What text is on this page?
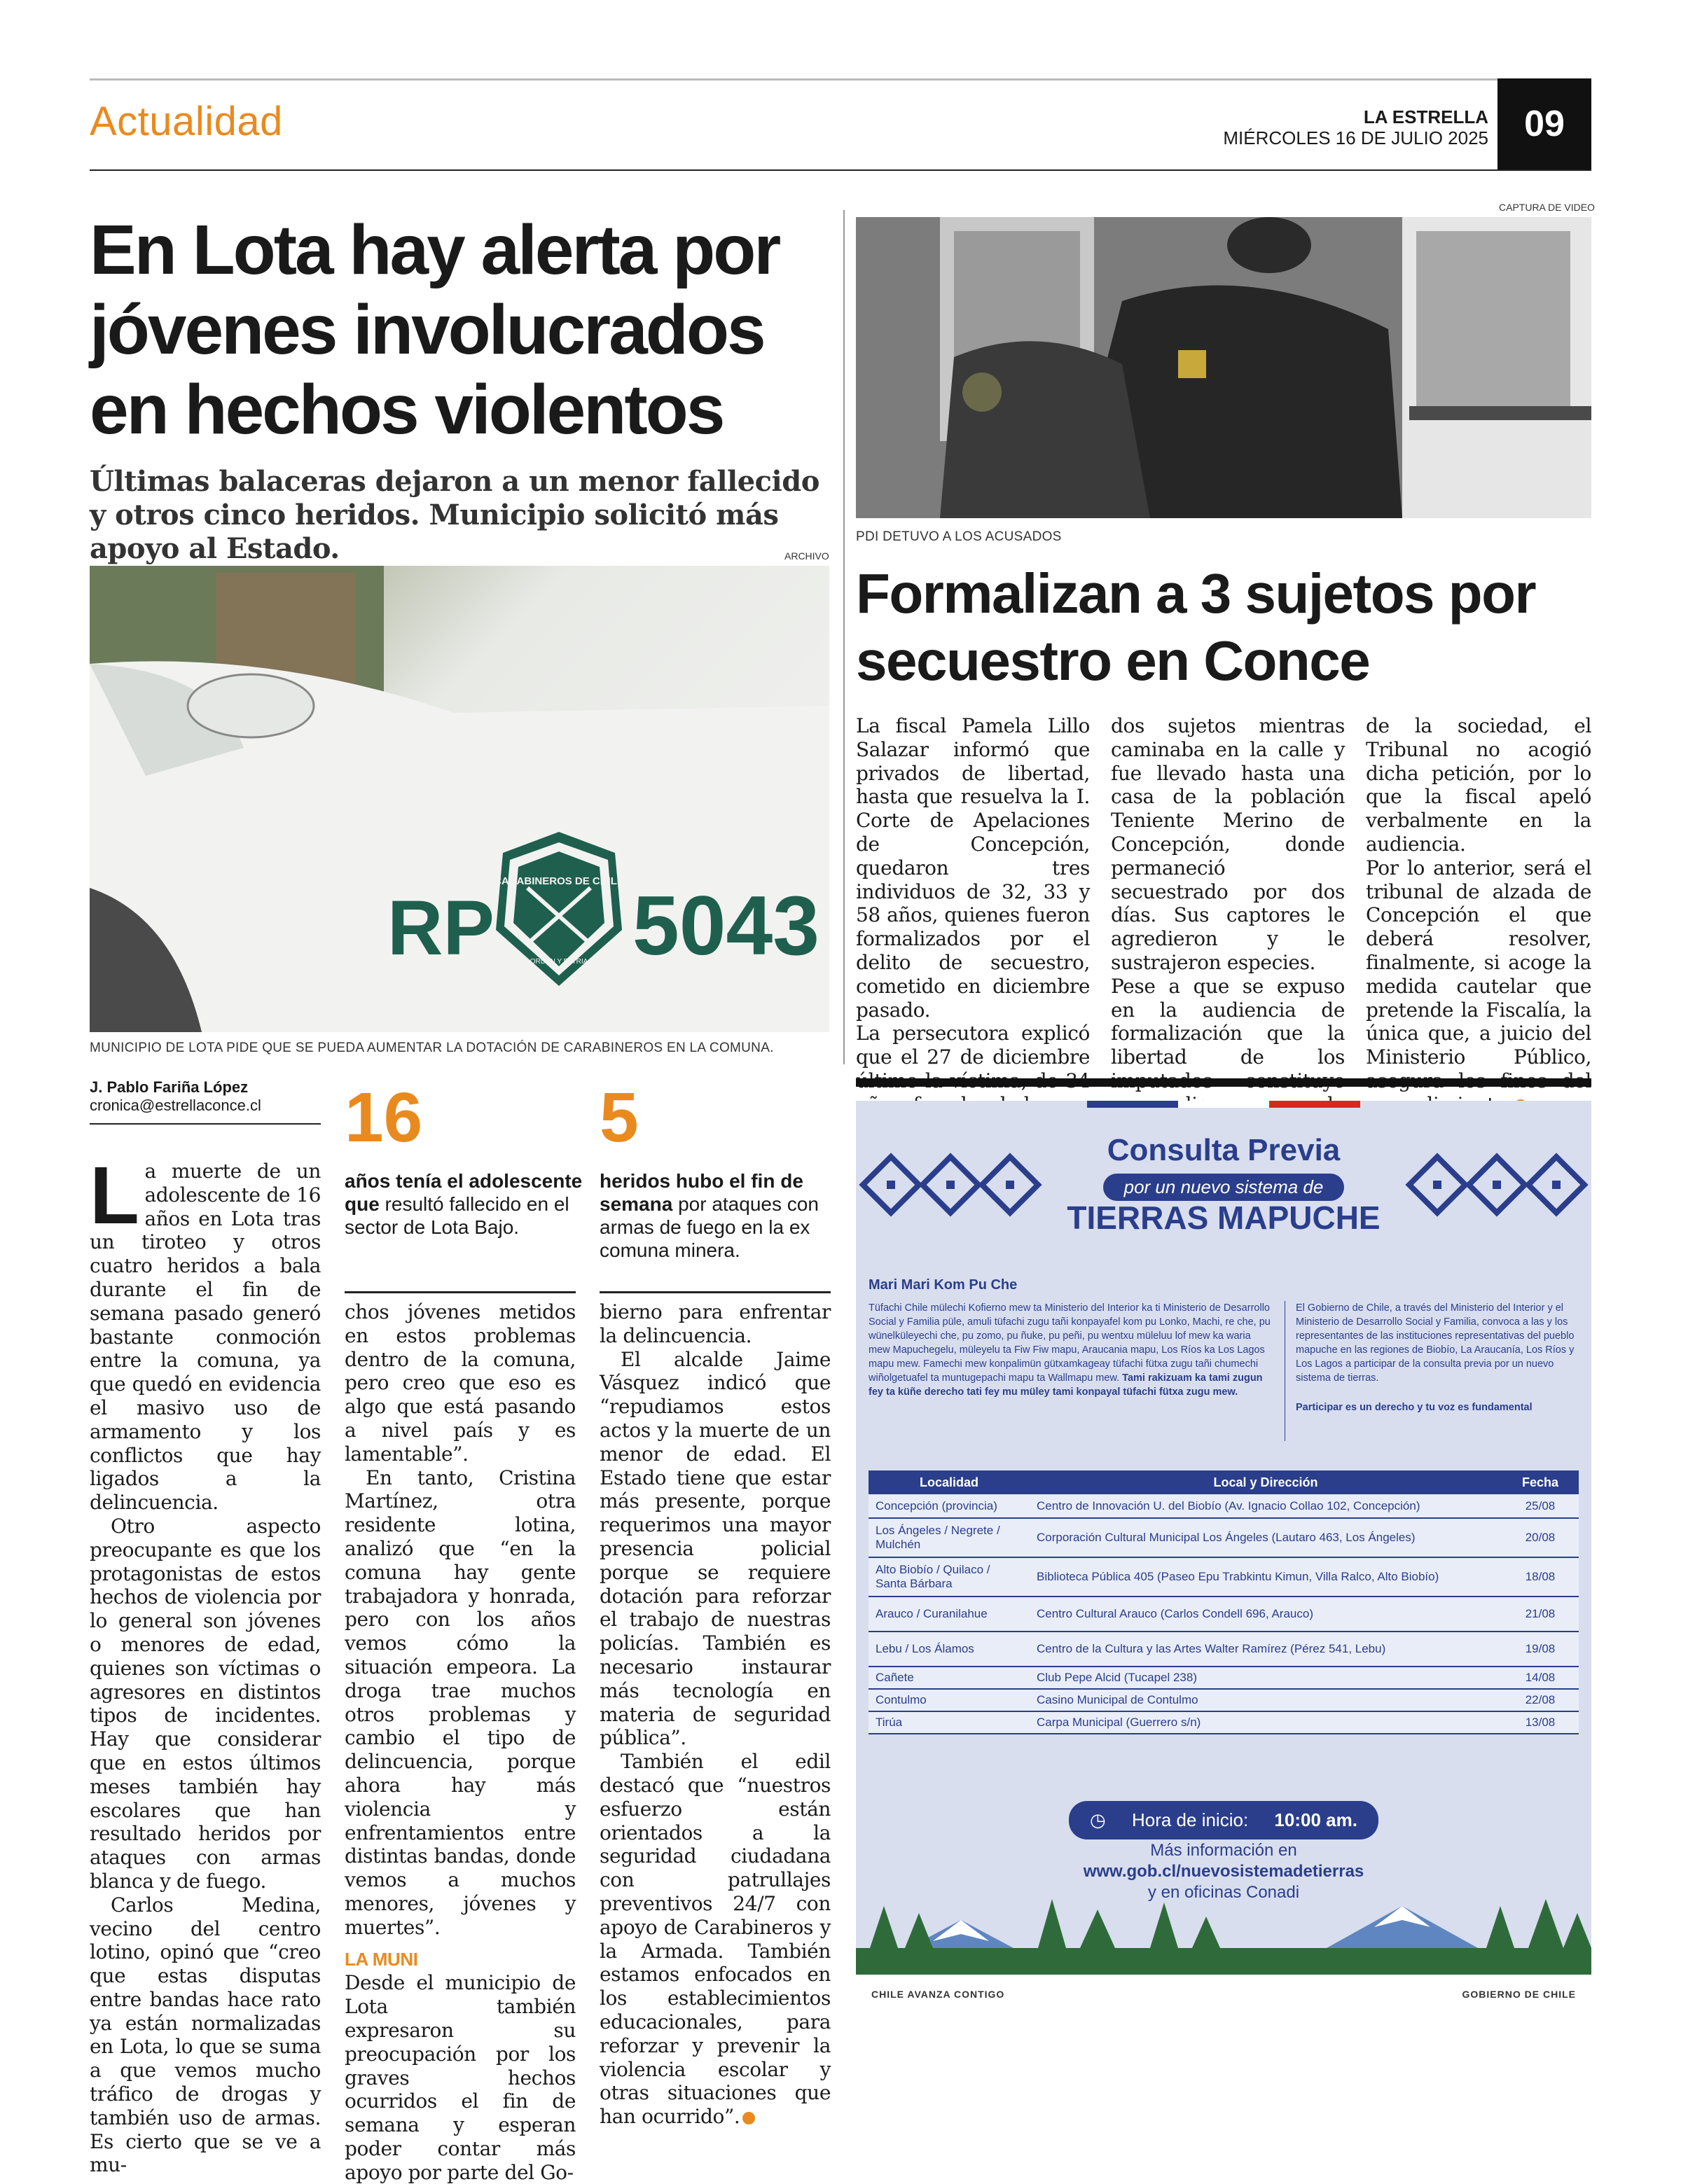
Actualidad	LA ESTRELLA
MIÉRCOLES 16 DE JULIO 2025 09
En Lota hay alerta por jóvenes involucrados en hechos violentos
Últimas balaceras dejaron a un menor fallecido y otros cinco heridos. Municipio solicitó más apoyo al Estado.	ARCHIVO
CARABINEROS DE CHILE
ORDEN Y PATRIA
RP 5043
MUNICIPIO DE LOTA PIDE QUE SE PUEDA AUMENTAR LA DOTACIÓN DE CARABINEROS EN LA COMUNA.
J. Pablo Fariña López
cronica@estrellaconce.cl

La muerte de un adolescente de 16 años en Lota tras un tiroteo y otros cuatro heridos a bala durante el fin de semana pasado generó bastante conmoción entre la comuna, ya que quedó en evidencia el masivo uso de armamento y los conflictos que hay ligados a la delincuencia.

Otro aspecto preocupante es que los protagonistas de estos hechos de violencia por lo general son jóvenes o menores de edad, quienes son víctimas o agresores en distintos tipos de incidentes. Hay que considerar que en estos últimos meses también hay escolares que han resultado heridos por ataques con armas blanca y de fuego.

Carlos Medina, vecino del centro lotino, opinó que “creo que estas disputas entre bandas hace rato ya están normalizadas en Lota, lo que se suma a que vemos mucho tráfico de drogas y también uso de armas. Es cierto que se ve a mu-

16
años tenía el adolescente que resultó fallecido en el sector de Lota Bajo.
5
heridos hubo el fin de semana por ataques con armas de fuego en la ex comuna minera.

chos jóvenes metidos en estos problemas dentro de la comuna, pero creo que eso es algo que está pasando a nivel país y es lamentable”.

En tanto, Cristina Martínez, otra residente lotina, analizó que “en la comuna hay gente trabajadora y honrada, pero con los años vemos cómo la situación empeora. La droga trae muchos otros problemas y cambio el tipo de delincuencia, porque ahora hay más violencia y enfrentamientos entre distintas bandas, donde vemos a muchos menores, jóvenes y muertes”.

LA MUNI

Desde el municipio de Lota también expresaron su preocupación por los graves hechos ocurridos el fin de semana y esperan poder contar más apoyo por parte del Go-

bierno para enfrentar la delincuencia.

El alcalde Jaime Vásquez indicó que “repudiamos estos actos y la muerte de un menor de edad. El Estado tiene que estar más presente, porque requerimos una mayor presencia policial porque se requiere dotación para reforzar el trabajo de nuestras policías. También es necesario instaurar más tecnología en materia de seguridad pública”.

También el edil destacó que “nuestros esfuerzo están orientados a la seguridad ciudadana con patrullajes preventivos 24/7 con apoyo de Carabineros y la Armada. También estamos enfocados en los establecimientos educacionales, para reforzar y prevenir la violencia escolar y otras situaciones que han ocurrido”.

CAPTURA DE VIDEO
PDI DETUVO A LOS ACUSADOS
Formalizan a 3 sujetos por secuestro en Conce

La fiscal Pamela Lillo Salazar informó que privados de libertad, hasta que resuelva la I. Corte de Apelaciones de Concepción, quedaron tres individuos de 32, 33 y 58 años, quienes fueron formalizados por el delito de secuestro, cometido en diciembre pasado.

La persecutora explicó que el 27 de diciembre

dos sujetos mientras caminaba en la calle y fue llevado hasta una casa de la población Teniente Merino de Concepción, donde permaneció secuestrado por dos días. Sus captores le agredieron y le sustrajeron especies.

Pese a que se expuso en la audiencia de formalización que la libertad de los

de la sociedad, el Tribunal no acogió dicha petición, por lo que la fiscal apeló verbalmente en la audiencia.

Por lo anterior, será el tribunal de alzada de Concepción el que deberá resolver, finalmente, si acoge la medida cautelar que pretende la Fiscalía, la única que, a juicio del Ministerio Público,

Consulta Previa
por un nuevo sistema de
TIERRAS MAPUCHE
Mari Mari Kom Pu Che
Tüfachi Chile mülechi Kofierno mew ta Ministerio del Interior ka ti Ministerio de Desarrollo Social y Familia püle, amuli tüfachi zugu tañi konpayafel kom pu Lonko, Machi, re che, pu wünelküleyechi che, pu zomo, pu ñuke, pu peñi, pu wentxu müleluu lof mew ka waria mew Mapuchegelu, müleyelu ta Fiw Fiw mapu, Araucania mapu, Los Ríos ka Los Lagos mapu mew. Famechi mew konpalimün gütxamkageay tüfachi fütxa zugu tañi chumechi wiñolgetuafel ta muntugepachi mapu ta Wallmapu mew. Tami rakizuam ka tami zugun fey ta küñe derecho tati fey mu müley tami konpayal tüfachi fütxa zugu mew.
El Gobierno de Chile, a través del Ministerio del Interior y el Ministerio de Desarrollo Social y Familia, convoca a las y los representantes de las instituciones representativas del pueblo mapuche en las regiones de Biobío, La Araucanía, Los Ríos y Los Lagos a participar de la consulta previa por un nuevo sistema de tierras.
Participar es un derecho y tu voz es fundamental
Localidad	Local y Dirección	Fecha
Concepción (provincia)	Centro de Innovación U. del Biobío (Av. Ignacio Collao 102, Concepción)	25/08
Los Ángeles / Negrete / Mulchén	Corporación Cultural Municipal Los Ángeles (Lautaro 463, Los Ángeles)	20/08
Alto Biobío / Quilaco / Santa Bárbara	Biblioteca Pública 405 (Paseo Epu Trabkintu Kimun, Villa Ralco, Alto Biobío)	18/08
Arauco / Curanilahue	Centro Cultural Arauco (Carlos Condell 696, Arauco)	21/08
Lebu / Los Álamos	Centro de la Cultura y las Artes Walter Ramírez (Pérez 541, Lebu)	19/08
Cañete	Club Pepe Alcid (Tucapel 238)	14/08
Contulmo	Casino Municipal de Contulmo	22/08
Tirúa	Carpa Municipal (Guerrero s/n)	13/08
◷ Hora de inicio: 10:00 am.
Más información en
www.gob.cl/nuevosistemadetierras
y en oficinas Conadi
CHILE AVANZA CONTIGO	GOBIERNO DE CHILE
